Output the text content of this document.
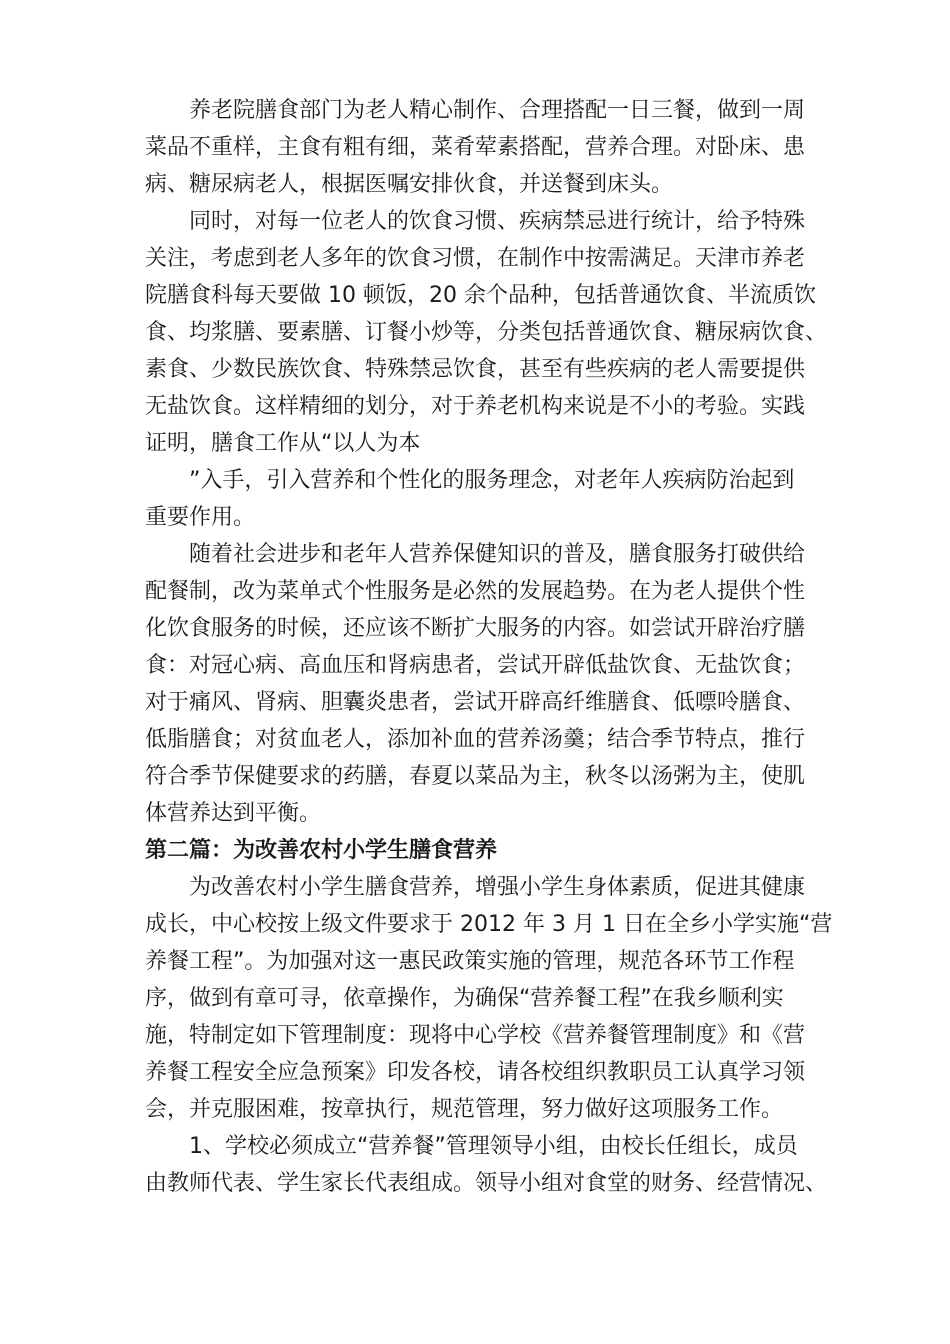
养老院膳食部门为老人精心制作、合理搭配一日三餐，做到一周
菜品不重样，主食有粗有细，菜肴荤素搭配，营养合理。对卧床、患
病、糖尿病老人，根据医嘱安排伙食，并送餐到床头。
同时，对每一位老人的饮食习惯、疾病禁忌进行统计，给予特殊
关注，考虑到老人多年的饮食习惯，在制作中按需满足。天津市养老
院膳食科每天要做 10 顿饭，20 余个品种，包括普通饮食、半流质饮
食、均浆膳、要素膳、订餐小炒等，分类包括普通饮食、糖尿病饮食、
素食、少数民族饮食、特殊禁忌饮食，甚至有些疾病的老人需要提供
无盐饮食。这样精细的划分，对于养老机构来说是不小的考验。实践
证明，膳食工作从“以人为本
”入手，引入营养和个性化的服务理念，对老年人疾病防治起到
重要作用。
随着社会进步和老年人营养保健知识的普及，膳食服务打破供给
配餐制，改为菜单式个性服务是必然的发展趋势。在为老人提供个性
化饮食服务的时候，还应该不断扩大服务的内容。如尝试开辟治疗膳
食：对冠心病、高血压和肾病患者，尝试开辟低盐饮食、无盐饮食；
对于痛风、肾病、胆囊炎患者，尝试开辟高纤维膳食、低嘌呤膳食、
低脂膳食；对贫血老人，添加补血的营养汤羹；结合季节特点，推行
符合季节保健要求的药膳，春夏以菜品为主，秋冬以汤粥为主，使肌
体营养达到平衡。
第二篇：为改善农村小学生膳食营养
为改善农村小学生膳食营养，增强小学生身体素质，促进其健康
成长，中心校按上级文件要求于 2012 年 3 月 1 日在全乡小学实施“营
养餐工程”。为加强对这一惠民政策实施的管理，规范各环节工作程
序，做到有章可寻，依章操作，为确保“营养餐工程”在我乡顺利实
施，特制定如下管理制度：现将中心学校《营养餐管理制度》和《营
养餐工程安全应急预案》印发各校，请各校组织教职员工认真学习领
会，并克服困难，按章执行，规范管理，努力做好这项服务工作。
1、学校必须成立“营养餐”管理领导小组，由校长任组长，成员
由教师代表、学生家长代表组成。领导小组对食堂的财务、经营情况、
